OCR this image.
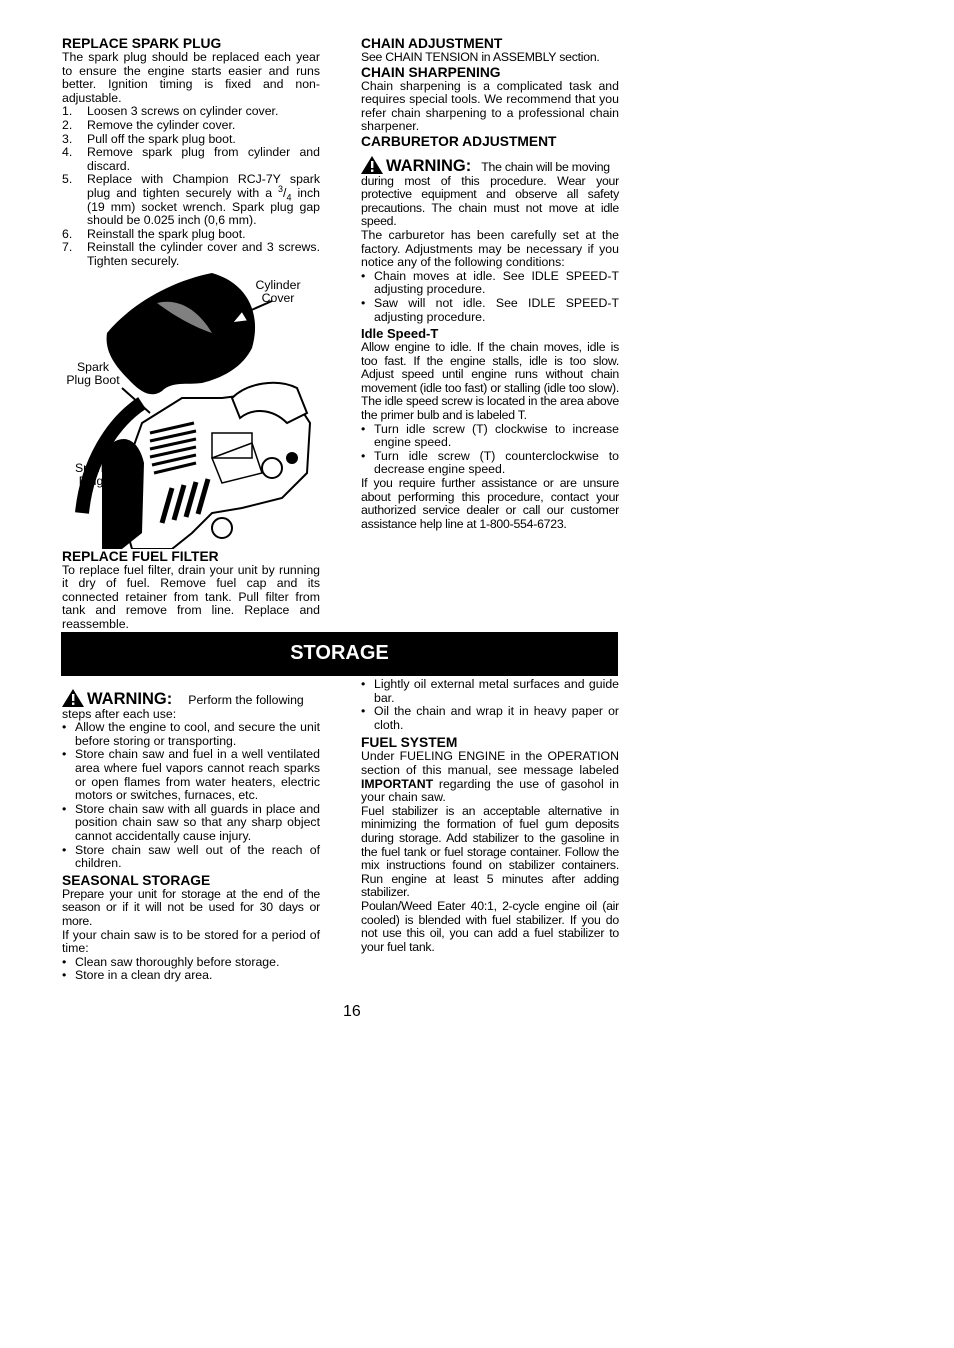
REPLACE SPARK PLUG

The spark plug should be replaced each year to ensure the engine starts easier and runs better. Ignition timing is fixed and non-adjustable.

1. Loosen 3 screws on cylinder cover.
2. Remove the cylinder cover.
3. Pull off the spark plug boot.
4. Remove spark plug from cylinder and discard.
5. Replace with Champion RCJ-7Y spark plug and tighten securely with a $^3/_4$ inch (19 mm) socket wrench. Spark plug gap should be 0.025 inch (0,6 mm).
6. Reinstall the spark plug boot.
7. Reinstall the cylinder cover and 3 screws. Tighten securely.
Cylinder
Cover
Spark
Plug Boot
Spark
Plug
REPLACE FUEL FILTER

To replace fuel filter, drain your unit by running it dry of fuel. Remove fuel cap and its connected retainer from tank. Pull filter from tank and remove from line. Replace and reassemble.

CHAIN ADJUSTMENT

See CHAIN TENSION in ASSEMBLY section.

CHAIN SHARPENING

Chain sharpening is a complicated task and requires special tools. We recommend that you refer chain sharpening to a professional chain sharpener.

CARBURETOR ADJUSTMENT
WARNING: The chain will be moving

during most of this procedure. Wear your protective equipment and observe all safety precautions. The chain must not move at idle speed.

The carburetor has been carefully set at the factory. Adjustments may be necessary if you notice any of the following conditions:

• Chain moves at idle. See IDLE SPEED-T adjusting procedure.
• Saw will not idle. See IDLE SPEED-T adjusting procedure.
Idle Speed-T

Allow engine to idle. If the chain moves, idle is too fast. If the engine stalls, idle is too slow. Adjust speed until engine runs without chain movement (idle too fast) or stalling (idle too slow). The idle speed screw is located in the area above the primer bulb and is labeled T.

• Turn idle screw (T) clockwise to increase engine speed.
• Turn idle screw (T) counterclockwise to decrease engine speed.

If you require further assistance or are unsure about performing this procedure, contact your authorized service dealer or call our customer assistance help line at 1-800-554-6723.

STORAGE
WARNING: Perform the following

steps after each use:

• Allow the engine to cool, and secure the unit before storing or transporting.
• Store chain saw and fuel in a well ventilated area where fuel vapors cannot reach sparks or open flames from water heaters, electric motors or switches, furnaces, etc.
• Store chain saw with all guards in place and position chain saw so that any sharp object cannot accidentally cause injury.
• Store chain saw well out of the reach of children.
SEASONAL STORAGE

Prepare your unit for storage at the end of the season or if it will not be used for 30 days or more.

If your chain saw is to be stored for a period of time:

• Clean saw thoroughly before storage.
• Store in a clean dry area.
• Lightly oil external metal surfaces and guide bar.
• Oil the chain and wrap it in heavy paper or cloth.
FUEL SYSTEM

Under FUELING ENGINE in the OPERATION section of this manual, see message labeled IMPORTANT regarding the use of gasohol in your chain saw.

Fuel stabilizer is an acceptable alternative in minimizing the formation of fuel gum deposits during storage. Add stabilizer to the gasoline in the fuel tank or fuel storage container. Follow the mix instructions found on stabilizer containers. Run engine at least 5 minutes after adding stabilizer.

Poulan/Weed Eater 40:1, 2-cycle engine oil (air cooled) is blended with fuel stabilizer. If you do not use this oil, you can add a fuel stabilizer to your fuel tank.

16
